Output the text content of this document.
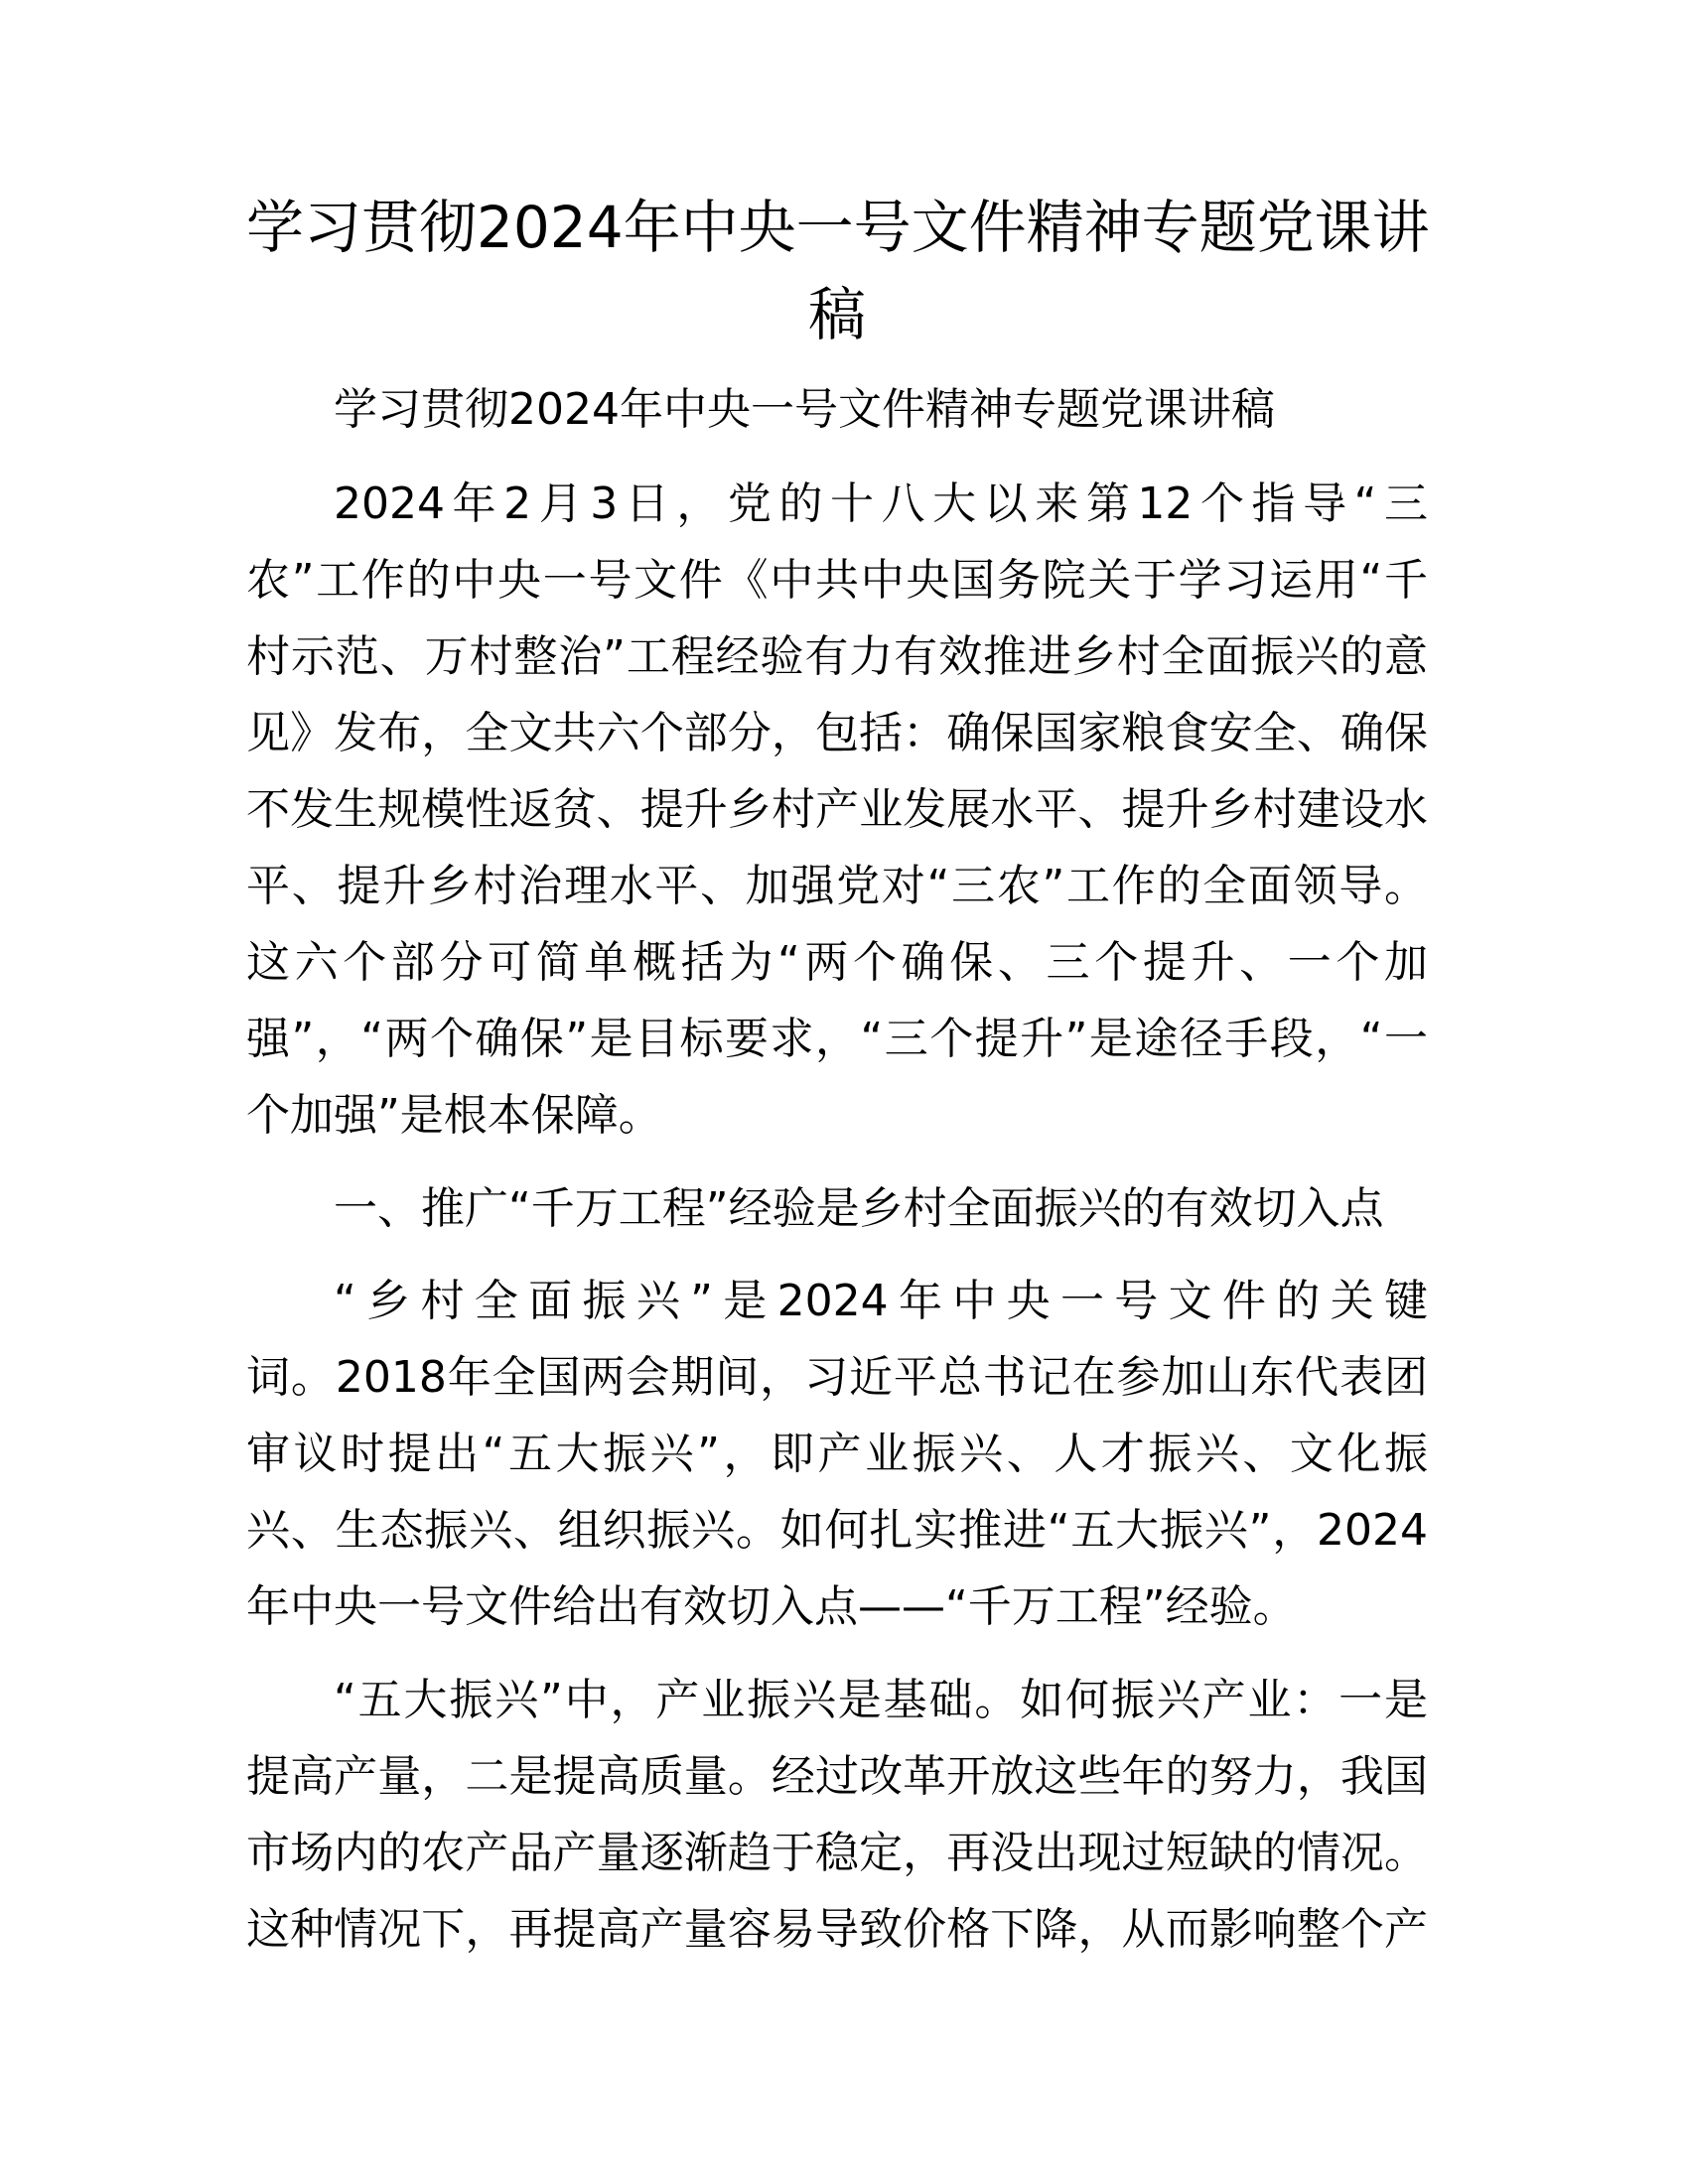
学习贯彻2024年中央一号文件精神专题党课讲
稿
学习贯彻2024年中央一号文件精神专题党课讲稿
2024年2月3日，党的十八大以来第12个指导“三
农”工作的中央一号文件《中共中央国务院关于学习运用“千
村示范、万村整治”工程经验有力有效推进乡村全面振兴的意
见》发布，全文共六个部分，包括：确保国家粮食安全、确保
不发生规模性返贫、提升乡村产业发展水平、提升乡村建设水
平、提升乡村治理水平、加强党对“三农”工作的全面领导。
这六个部分可简单概括为“两个确保、三个提升、一个加
强”，“两个确保”是目标要求，“三个提升”是途径手段，“一
个加强”是根本保障。
一、推广“千万工程”经验是乡村全面振兴的有效切入点
“乡村全面振兴”是2024年中央一号文件的关键
词。2018年全国两会期间，习近平总书记在参加山东代表团
审议时提出“五大振兴”，即产业振兴、人才振兴、文化振
兴、生态振兴、组织振兴。如何扎实推进“五大振兴”，2024
年中央一号文件给出有效切入点——“千万工程”经验。
“五大振兴”中，产业振兴是基础。如何振兴产业：一是
提高产量，二是提高质量。经过改革开放这些年的努力，我国
市场内的农产品产量逐渐趋于稳定，再没出现过短缺的情况。
这种情况下，再提高产量容易导致价格下降，从而影响整个产
